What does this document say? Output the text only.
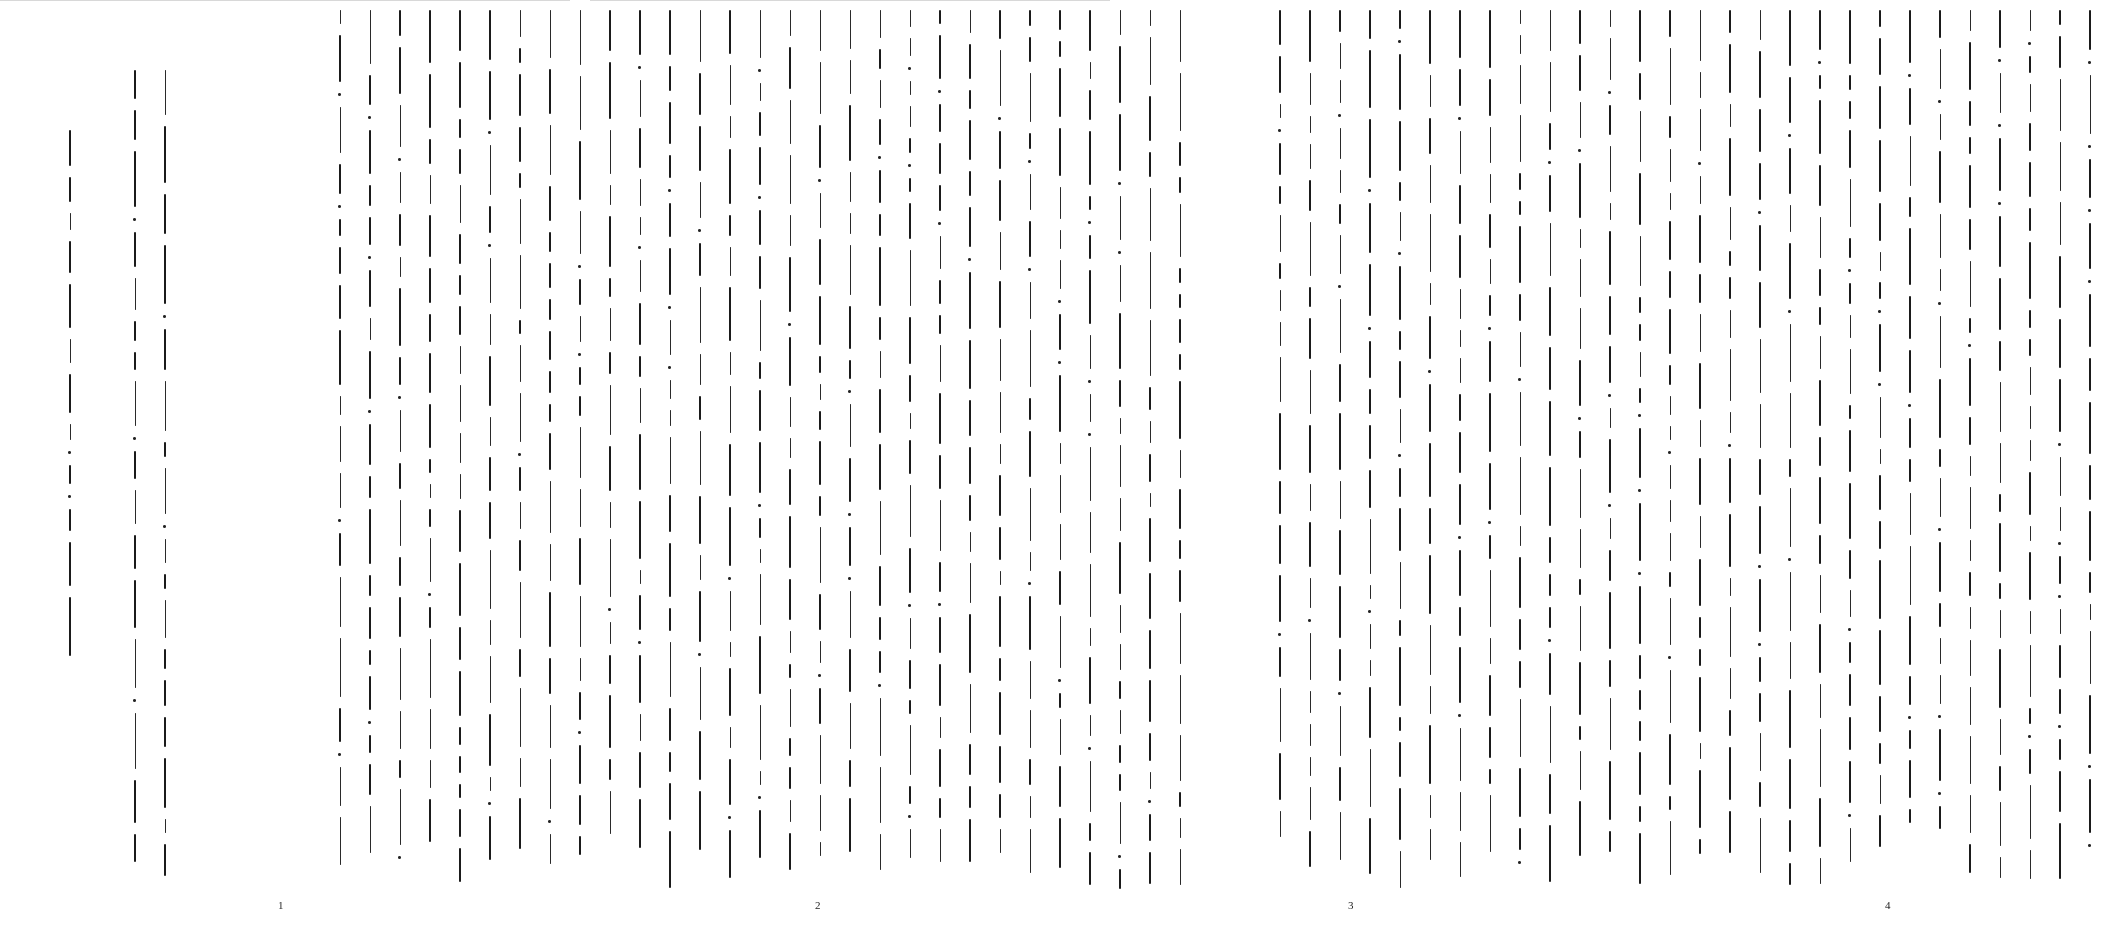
1	2	3	4
